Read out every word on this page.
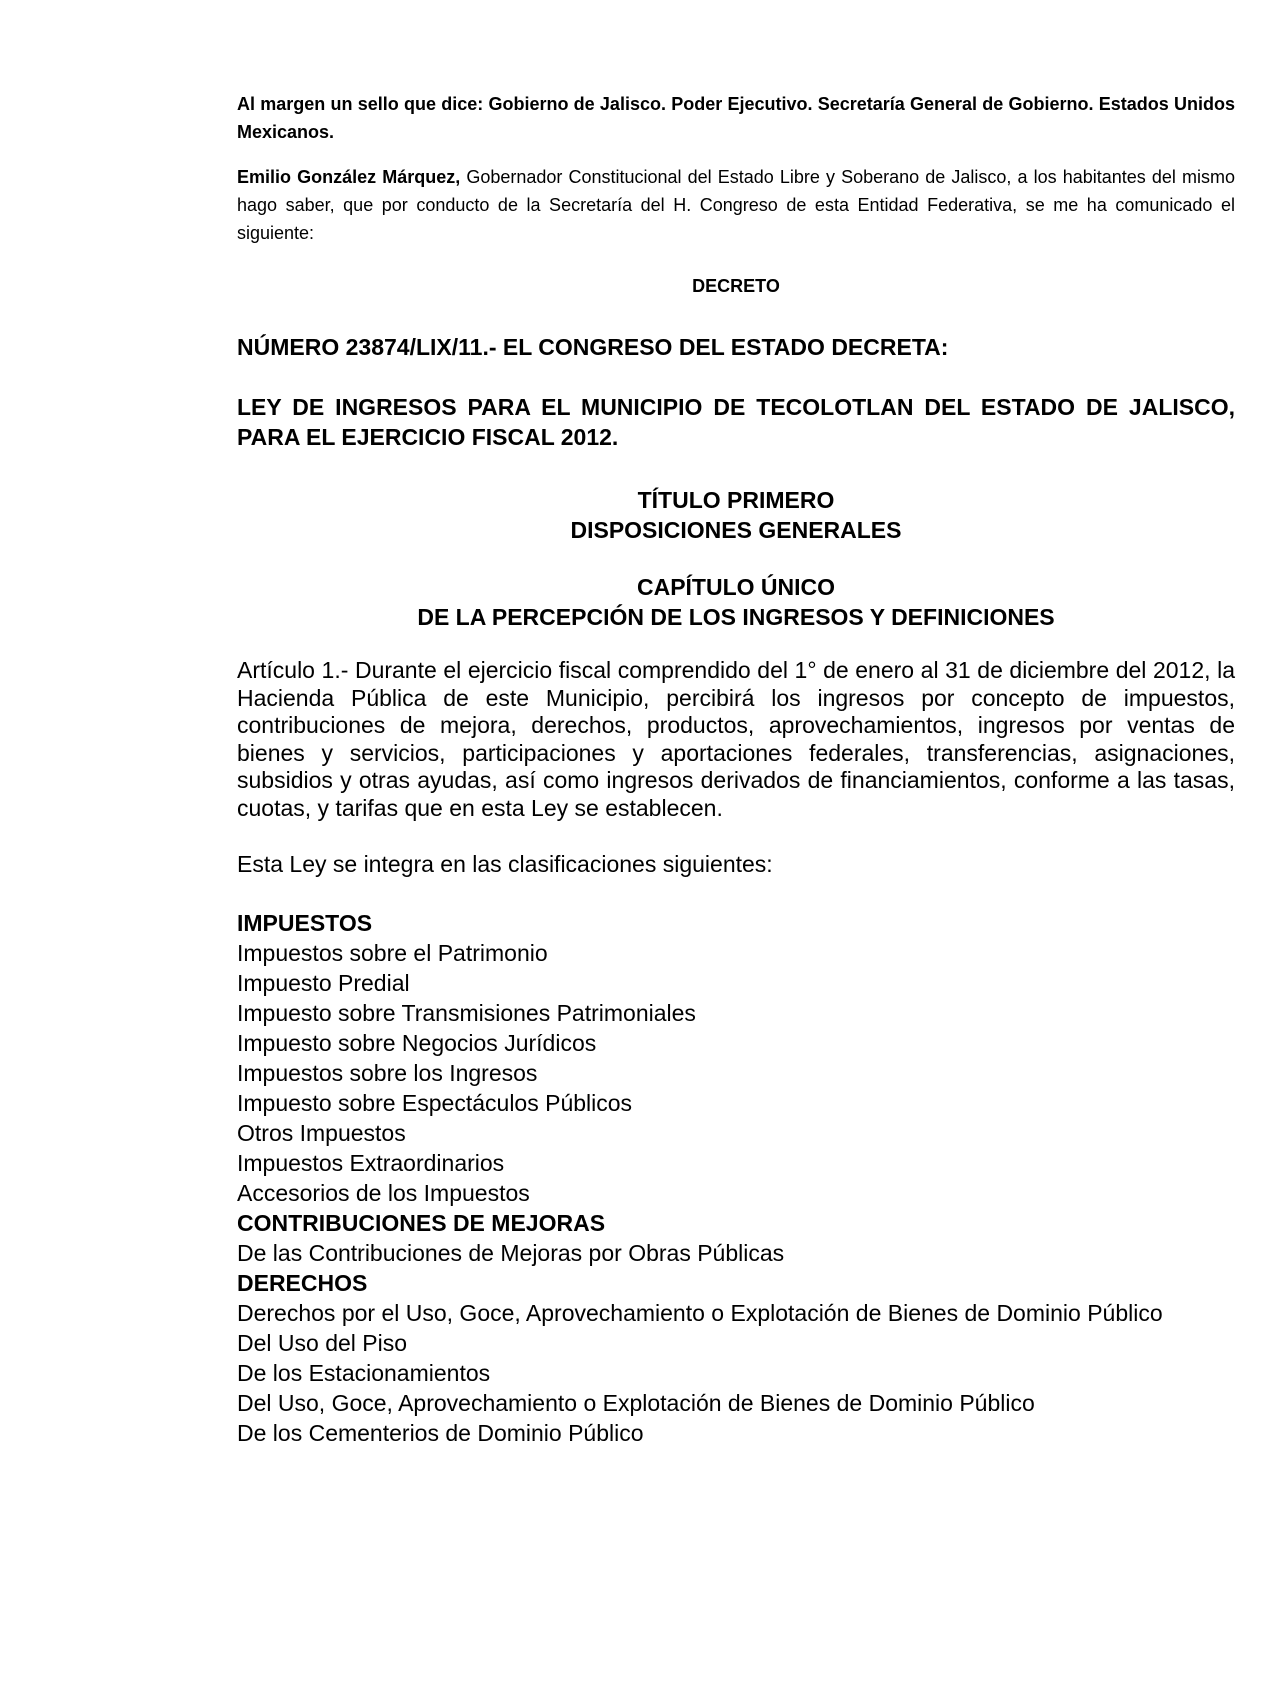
Al margen un sello que dice: Gobierno de Jalisco. Poder Ejecutivo. Secretaría General de Gobierno. Estados Unidos Mexicanos.

Emilio González Márquez, Gobernador Constitucional del Estado Libre y Soberano de Jalisco, a los habitantes del mismo hago saber, que por conducto de la Secretaría del H. Congreso de esta Entidad Federativa, se me ha comunicado el siguiente:

DECRETO

NÚMERO 23874/LIX/11.- EL CONGRESO DEL ESTADO DECRETA:

LEY DE INGRESOS PARA EL MUNICIPIO DE TECOLOTLAN DEL ESTADO DE JALISCO, PARA EL EJERCICIO FISCAL 2012.

TÍTULO PRIMERO

DISPOSICIONES GENERALES

CAPÍTULO ÚNICO

DE LA PERCEPCIÓN DE LOS INGRESOS Y DEFINICIONES

Artículo 1.- Durante el ejercicio fiscal comprendido del 1° de enero al 31 de diciembre del 2012, la Hacienda Pública de este Municipio, percibirá los ingresos por concepto de impuestos, contribuciones de mejora, derechos, productos, aprovechamientos, ingresos por ventas de bienes y servicios, participaciones y aportaciones federales, transferencias, asignaciones, subsidios y otras ayudas, así como ingresos derivados de financiamientos, conforme a las tasas, cuotas, y tarifas que en esta Ley se establecen.

Esta Ley se integra en las clasificaciones siguientes:

IMPUESTOS
Impuestos sobre el Patrimonio
Impuesto Predial
Impuesto sobre Transmisiones Patrimoniales
Impuesto sobre Negocios Jurídicos
Impuestos sobre los Ingresos
Impuesto sobre Espectáculos Públicos
Otros Impuestos
Impuestos Extraordinarios
Accesorios de los Impuestos
CONTRIBUCIONES DE MEJORAS
De las Contribuciones de Mejoras por Obras Públicas
DERECHOS
Derechos por el Uso, Goce, Aprovechamiento o Explotación de Bienes de Dominio Público
Del Uso del Piso
De los Estacionamientos
Del Uso, Goce, Aprovechamiento o Explotación de Bienes de Dominio Público
De los Cementerios de Dominio Público
